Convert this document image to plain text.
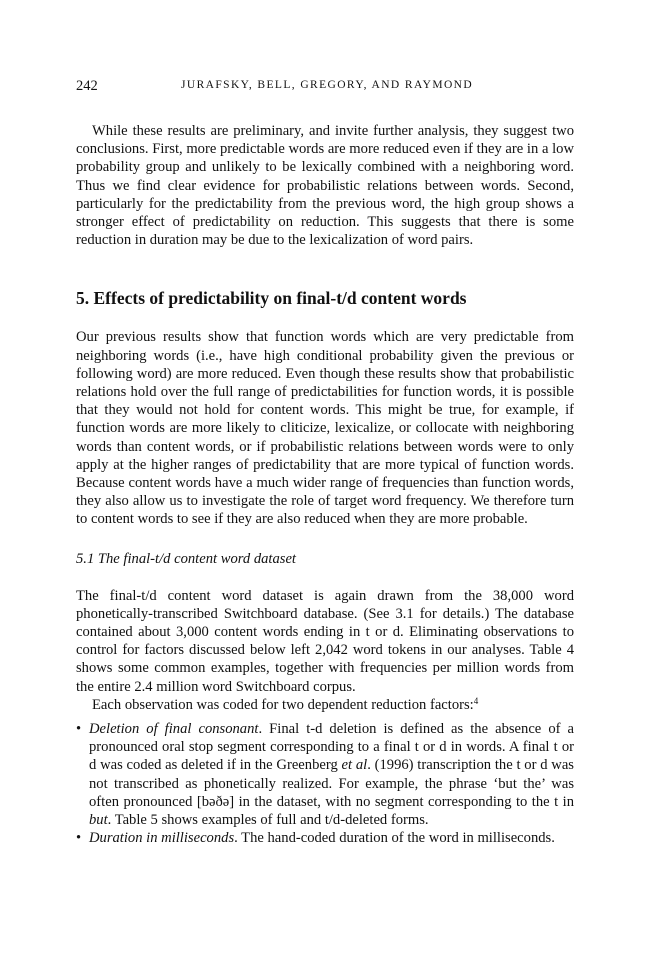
242	JURAFSKY, BELL, GREGORY, AND RAYMOND

While these results are preliminary, and invite further analysis, they suggest two conclusions. First, more predictable words are more reduced even if they are in a low probability group and unlikely to be lexically combined with a neighboring word. Thus we find clear evidence for probabilistic relations between words. Second, particularly for the predictability from the previous word, the high group shows a stronger effect of predictability on reduction. This suggests that there is some reduction in duration may be due to the lexicalization of word pairs.

5. Effects of predictability on final-t/d content words

Our previous results show that function words which are very predictable from neighboring words (i.e., have high conditional probability given the previous or following word) are more reduced. Even though these results show that probabilistic relations hold over the full range of predictabilities for function words, it is possible that they would not hold for content words. This might be true, for example, if function words are more likely to cliticize, lexicalize, or collocate with neighboring words than content words, or if probabilistic relations between words were to only apply at the higher ranges of predictability that are more typical of function words. Because content words have a much wider range of frequencies than function words, they also allow us to investigate the role of target word frequency. We therefore turn to content words to see if they are also reduced when they are more probable.

5.1 The final-t/d content word dataset

The final-t/d content word dataset is again drawn from the 38,000 word phonetically-transcribed Switchboard database. (See 3.1 for details.) The database contained about 3,000 content words ending in t or d. Eliminating observations to control for factors discussed below left 2,042 word tokens in our analyses. Table 4 shows some common examples, together with frequencies per million words from the entire 2.4 million word Switchboard corpus.

Each observation was coded for two dependent reduction factors:$^4$

• Deletion of final consonant. Final t-d deletion is defined as the absence of a pronounced oral stop segment corresponding to a final t or d in words. A final t or d was coded as deleted if in the Greenberg et al. (1996) transcription the t or d was not transcribed as phonetically realized. For example, the phrase ‘but the’ was often pronounced [bəðə] in the dataset, with no segment corresponding to the t in but. Table 5 shows examples of full and t/d-deleted forms.
• Duration in milliseconds. The hand-coded duration of the word in milliseconds.
